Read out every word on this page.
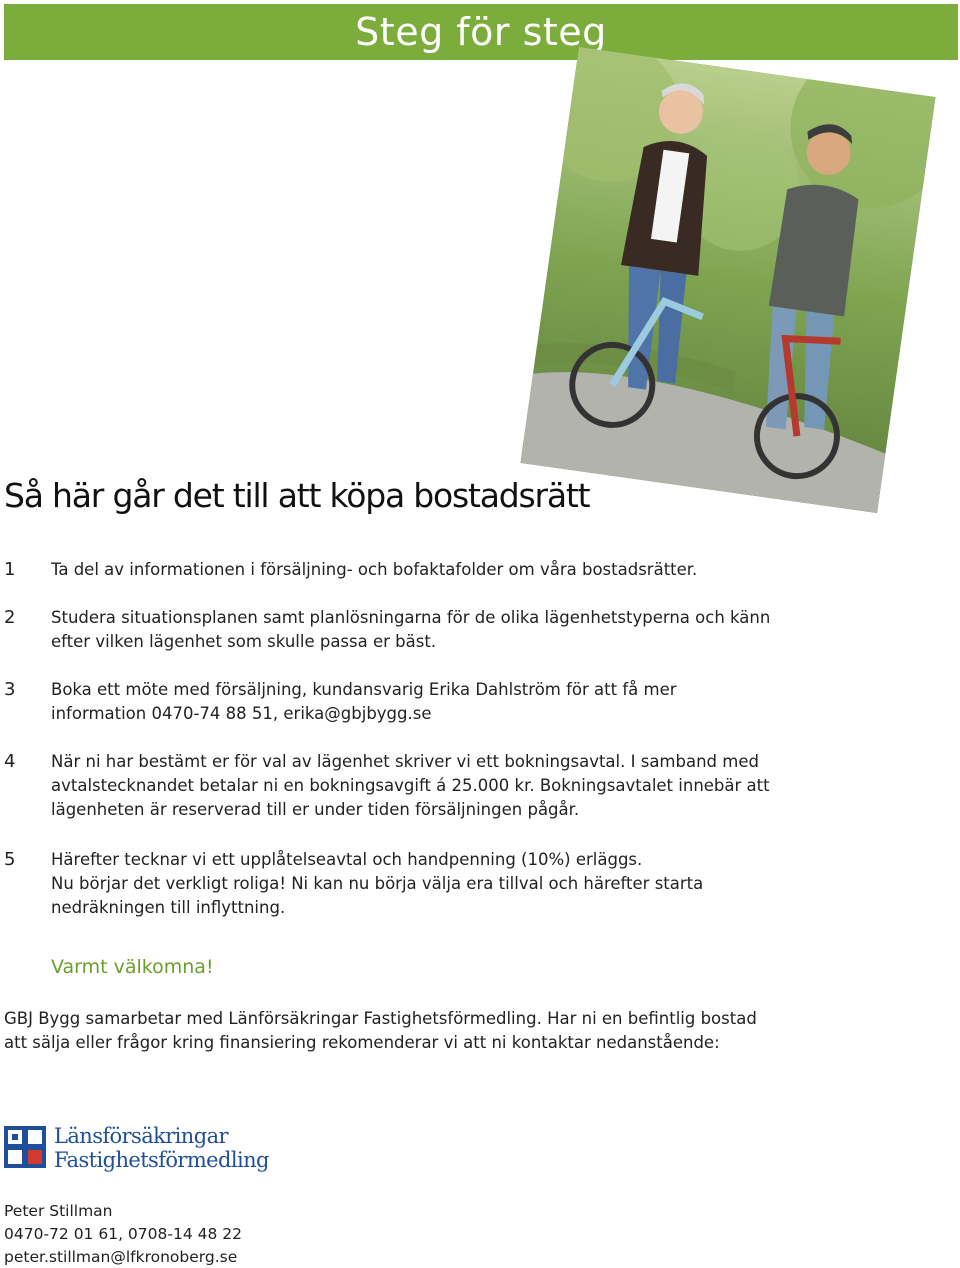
Steg för steg
Så här går det till att köpa bostadsrätt
1	Ta del av informationen i försäljning- och bofaktafolder om våra bostadsrätter.
2	Studera situationsplanen samt planlösningarna för de olika lägenhetstyperna och känn
efter vilken lägenhet som skulle passa er bäst.
3	Boka ett möte med försäljning, kundansvarig Erika Dahlström för att få mer
information 0470-74 88 51, erika@gbjbygg.se
4	När ni har bestämt er för val av lägenhet skriver vi ett bokningsavtal. I samband med
avtalstecknandet betalar ni en bokningsavgift á 25.000 kr. Bokningsavtalet innebär att
lägenheten är reserverad till er under tiden försäljningen pågår.
5	Härefter tecknar vi ett upplåtelseavtal och handpenning (10%) erläggs.
Nu börjar det verkligt roliga! Ni kan nu börja välja era tillval och härefter starta
nedräkningen till inflyttning.
Varmt välkomna!
GBJ Bygg samarbetar med Länförsäkringar Fastighetsförmedling. Har ni en befintlig bostad
att sälja eller frågor kring finansiering rekomenderar vi att ni kontaktar nedanstående:
Länsförsäkringar
Fastighetsförmedling
Peter Stillman
0470-72 01 61, 0708-14 48 22
peter.stillman@lfkronoberg.se
